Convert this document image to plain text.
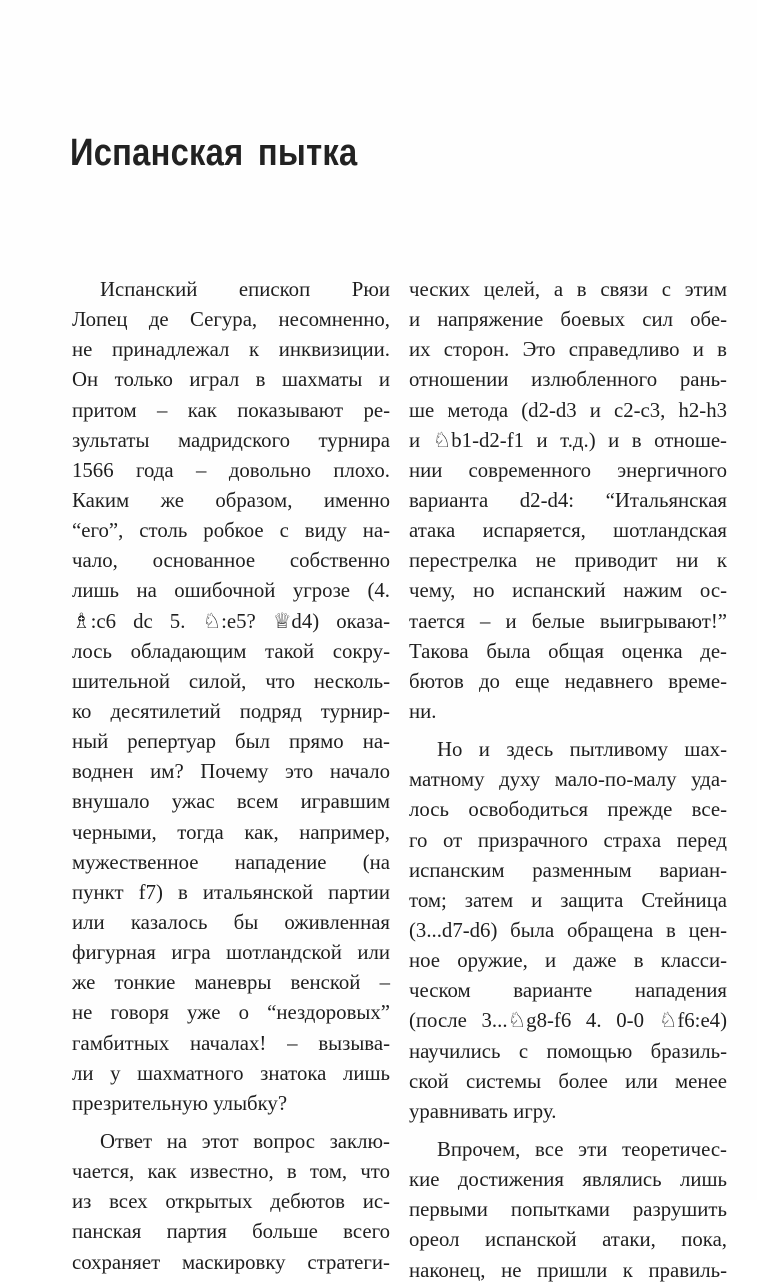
Испанская пытка
Испанский епископ Рюи
Лопец де Сегура, несомненно,
не принадлежал к инквизиции.
Он только играл в шахматы и
притом – как показывают ре-
зультаты мадридского турнира
1566 года – довольно плохо.
Каким же образом, именно
“его”, столь робкое с виду на-
чало, основанное собственно
лишь на ошибочной угрозе (4.
♗:c6 dc 5. ♘:e5? ♕d4) оказа-
лось обладающим такой сокру-
шительной силой, что несколь-
ко десятилетий подряд турнир-
ный репертуар был прямо на-
воднен им? Почему это начало
внушало ужас всем игравшим
черными, тогда как, например,
мужественное нападение (на
пункт f7) в итальянской партии
или казалось бы оживленная
фигурная игра шотландской или
же тонкие маневры венской –
не говоря уже о “нездоровых”
гамбитных началах! – вызыва-
ли у шахматного знатока лишь
презрительную улыбку?
Ответ на этот вопрос заклю-
чается, как известно, в том, что
из всех открытых дебютов ис-
панская партия больше всего
сохраняет маскировку стратеги-
ческих целей, а в связи с этим
и напряжение боевых сил обе-
их сторон. Это справедливо и в
отношении излюбленного рань-
ше метода (d2-d3 и c2-c3, h2-h3
и ♘b1-d2-f1 и т.д.) и в отноше-
нии современного энергичного
варианта d2-d4: “Итальянская
атака испаряется, шотландская
перестрелка не приводит ни к
чему, но испанский нажим ос-
тается – и белые выигрывают!”
Такова была общая оценка де-
бютов до еще недавнего време-
ни.
Но и здесь пытливому шах-
матному духу мало-по-малу уда-
лось освободиться прежде все-
го от призрачного страха перед
испанским разменным вариан-
том; затем и защита Стейница
(3...d7-d6) была обращена в цен-
ное оружие, и даже в класси-
ческом варианте нападения
(после 3...♘g8-f6 4. 0-0 ♘f6:e4)
научились с помощью бразиль-
ской системы более или менее
уравнивать игру.
Впрочем, все эти теоретичес-
кие достижения являлись лишь
первыми попытками разрушить
ореол испанской атаки, пока,
наконец, не пришли к правиль-
